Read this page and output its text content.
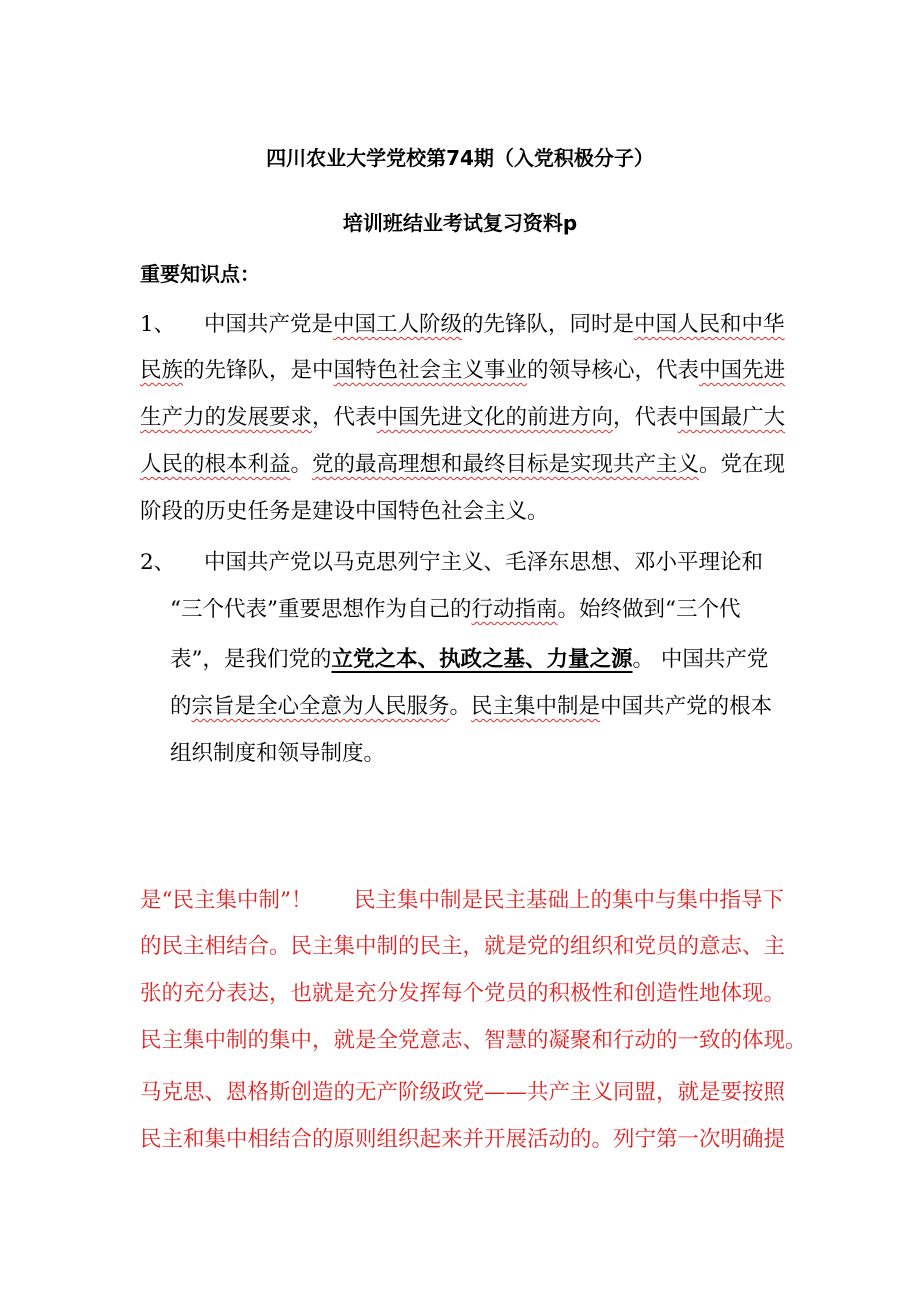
四川农业大学党校第74期（入党积极分子）
培训班结业考试复习资料p
重要知识点：
1、 中国共产党是中国工人阶级的先锋队，同时是中国人民和中华
民族的先锋队，是中国特色社会主义事业的领导核心，代表中国先进
生产力的发展要求，代表中国先进文化的前进方向，代表中国最广大
人民的根本利益。党的最高理想和最终目标是实现共产主义。党在现
阶段的历史任务是建设中国特色社会主义。
2、 中国共产党以马克思列宁主义、毛泽东思想、邓小平理论和
“三个代表”重要思想作为自己的行动指南。始终做到“三个代
表”，是我们党的立党之本、执政之基、力量之源。 中国共产党
的宗旨是全心全意为人民服务。民主集中制是中国共产党的根本
组织制度和领导制度。
是“民主集中制”！ 民主集中制是民主基础上的集中与集中指导下
的民主相结合。民主集中制的民主，就是党的组织和党员的意志、主
张的充分表达，也就是充分发挥每个党员的积极性和创造性地体现。
民主集中制的集中，就是全党意志、智慧的凝聚和行动的一致的体现。
马克思、恩格斯创造的无产阶级政党——共产主义同盟，就是要按照
民主和集中相结合的原则组织起来并开展活动的。列宁第一次明确提
